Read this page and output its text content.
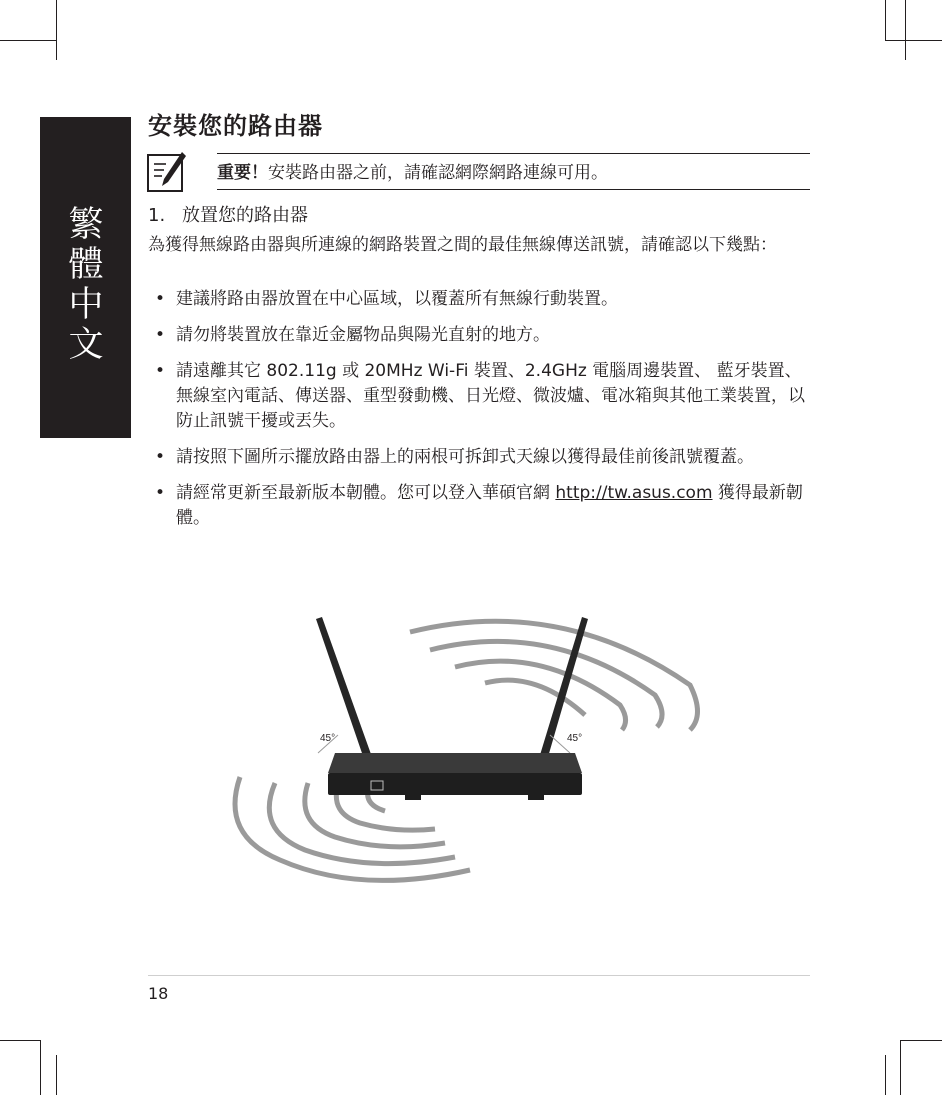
繁體中文
安裝您的路由器
重要！安裝路由器之前，請確認網際網路連線可用。
1. 放置您的路由器

為獲得無線路由器與所連線的網路裝置之間的最佳無線傳送訊號，請確認以下幾點：

• 建議將路由器放置在中心區域，以覆蓋所有無線行動裝置。
• 請勿將裝置放在靠近金屬物品與陽光直射的地方。
• 請遠離其它 802.11g 或 20MHz Wi-Fi 裝置、2.4GHz 電腦周邊裝置、 藍牙裝置、無線室內電話、傳送器、重型發動機、日光燈、微波爐、電冰箱與其他工業裝置，以防止訊號干擾或丟失。
• 請按照下圖所示擺放路由器上的兩根可拆卸式天線以獲得最佳前後訊號覆蓋。
• 請經常更新至最新版本韌體。您可以登入華碩官網 http://tw.asus.com 獲得最新韌體。
45°	45°
18
